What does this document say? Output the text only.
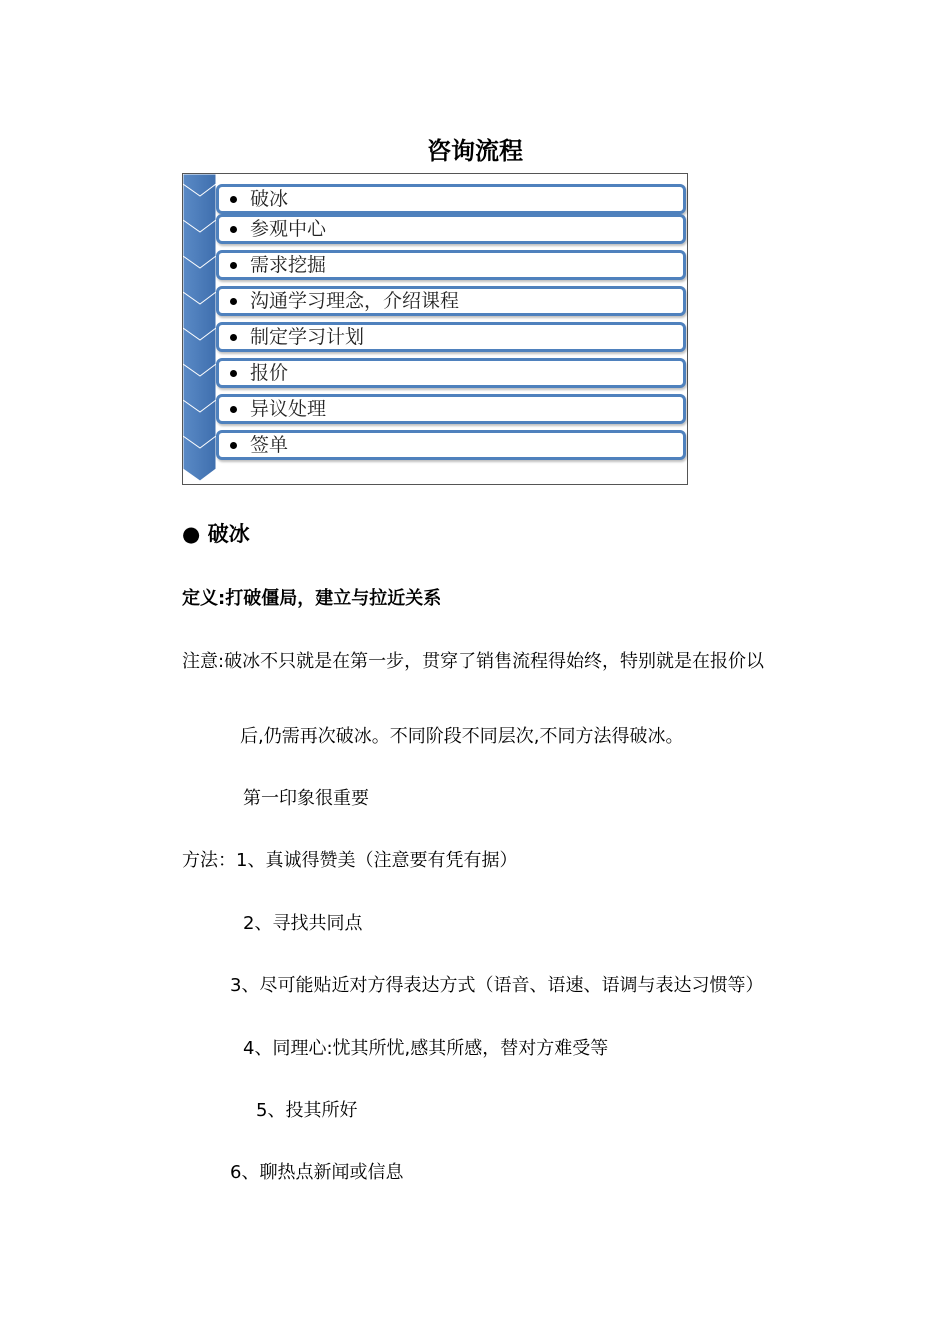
咨询流程
破冰
参观中心
需求挖掘
沟通学习理念，介绍课程
制定学习计划
报价
异议处理
签单
● 破冰
定义:打破僵局，建立与拉近关系
注意:破冰不只就是在第一步，贯穿了销售流程得始终，特别就是在报价以
后,仍需再次破冰。不同阶段不同层次,不同方法得破冰。
第一印象很重要
方法：1、真诚得赞美（注意要有凭有据）
2、寻找共同点
3、尽可能贴近对方得表达方式（语音、语速、语调与表达习惯等）
4、同理心:忧其所忧,感其所感，替对方难受等
5、投其所好
6、聊热点新闻或信息
